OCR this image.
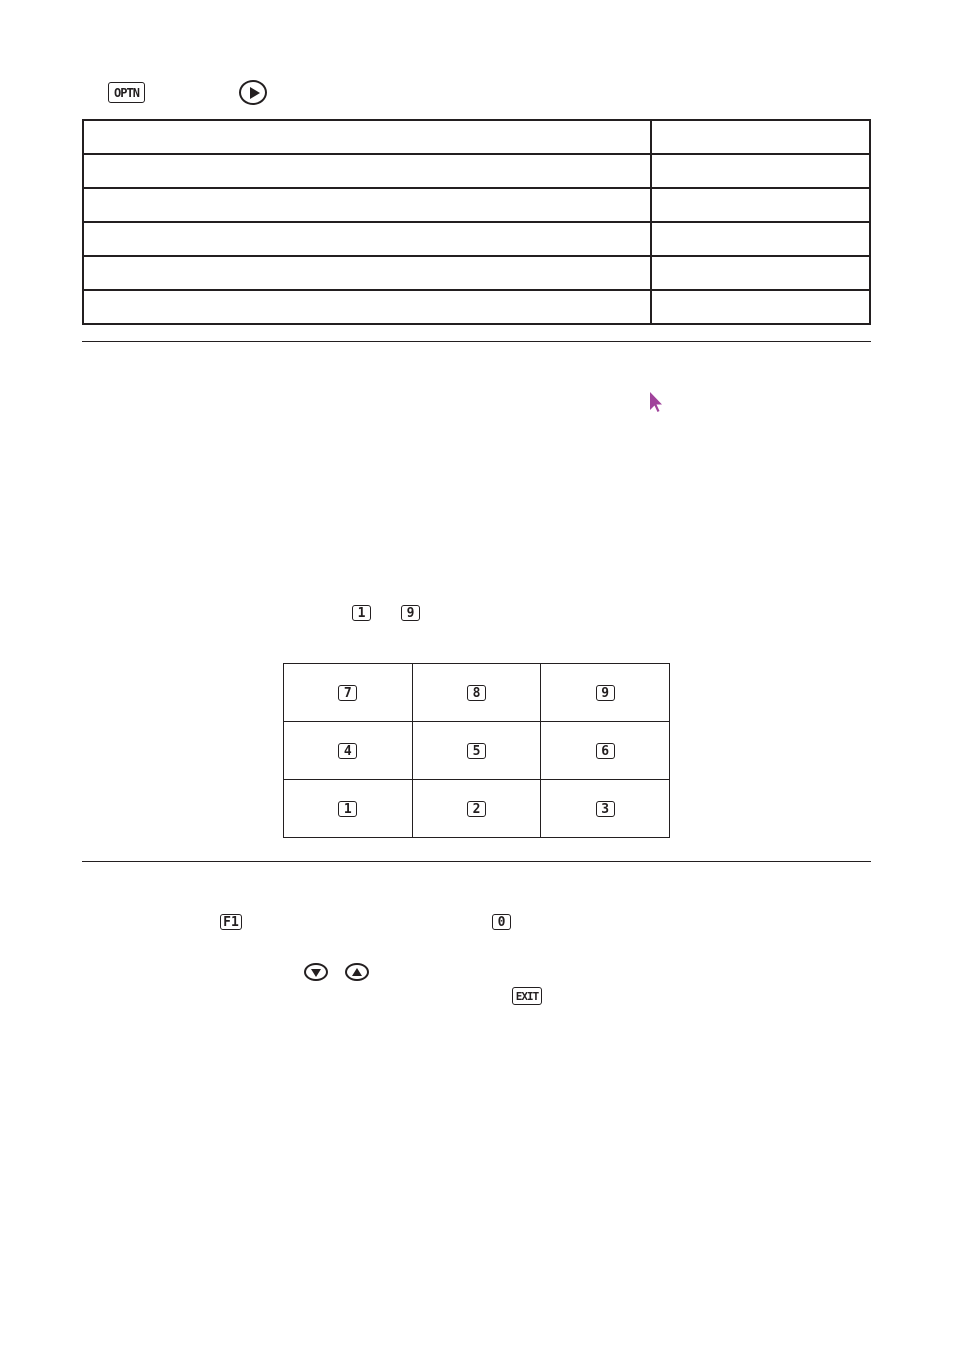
OPTN

1	9
7	8	9
4	5	6
1	2	3
F1	0
EXIT
